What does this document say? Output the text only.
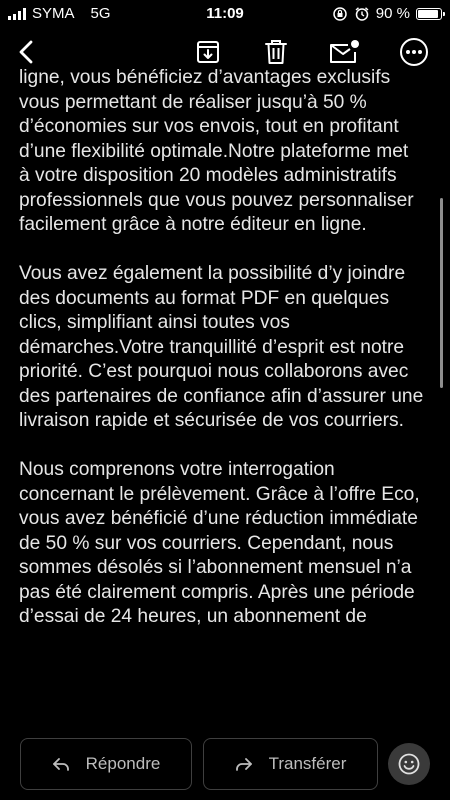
SYMA 5G	11:09	90 %

ligne, vous bénéficiez d’avantages exclusifs vous permettant de réaliser jusqu’à 50 % d’économies sur vos envois, tout en profitant d’une flexibilité optimale.Notre plateforme met à votre disposition 20 modèles administratifs professionnels que vous pouvez personnaliser facilement grâce à notre éditeur en ligne.

Vous avez également la possibilité d’y joindre des documents au format PDF en quelques clics, simplifiant ainsi toutes vos démarches.Votre tranquillité d’esprit est notre priorité. C’est pourquoi nous collaborons avec des partenaires de confiance afin d’assurer une livraison rapide et sécurisée de vos courriers.

Nous comprenons votre interrogation concernant le prélèvement. Grâce à l’offre Eco, vous avez bénéficié d’une réduction immédiate de 50 % sur vos courriers. Cependant, nous sommes désolés si l’abonnement mensuel n’a pas été clairement compris. Après une période d’essai de 24 heures, un abonnement de

Répondre	Transférer
